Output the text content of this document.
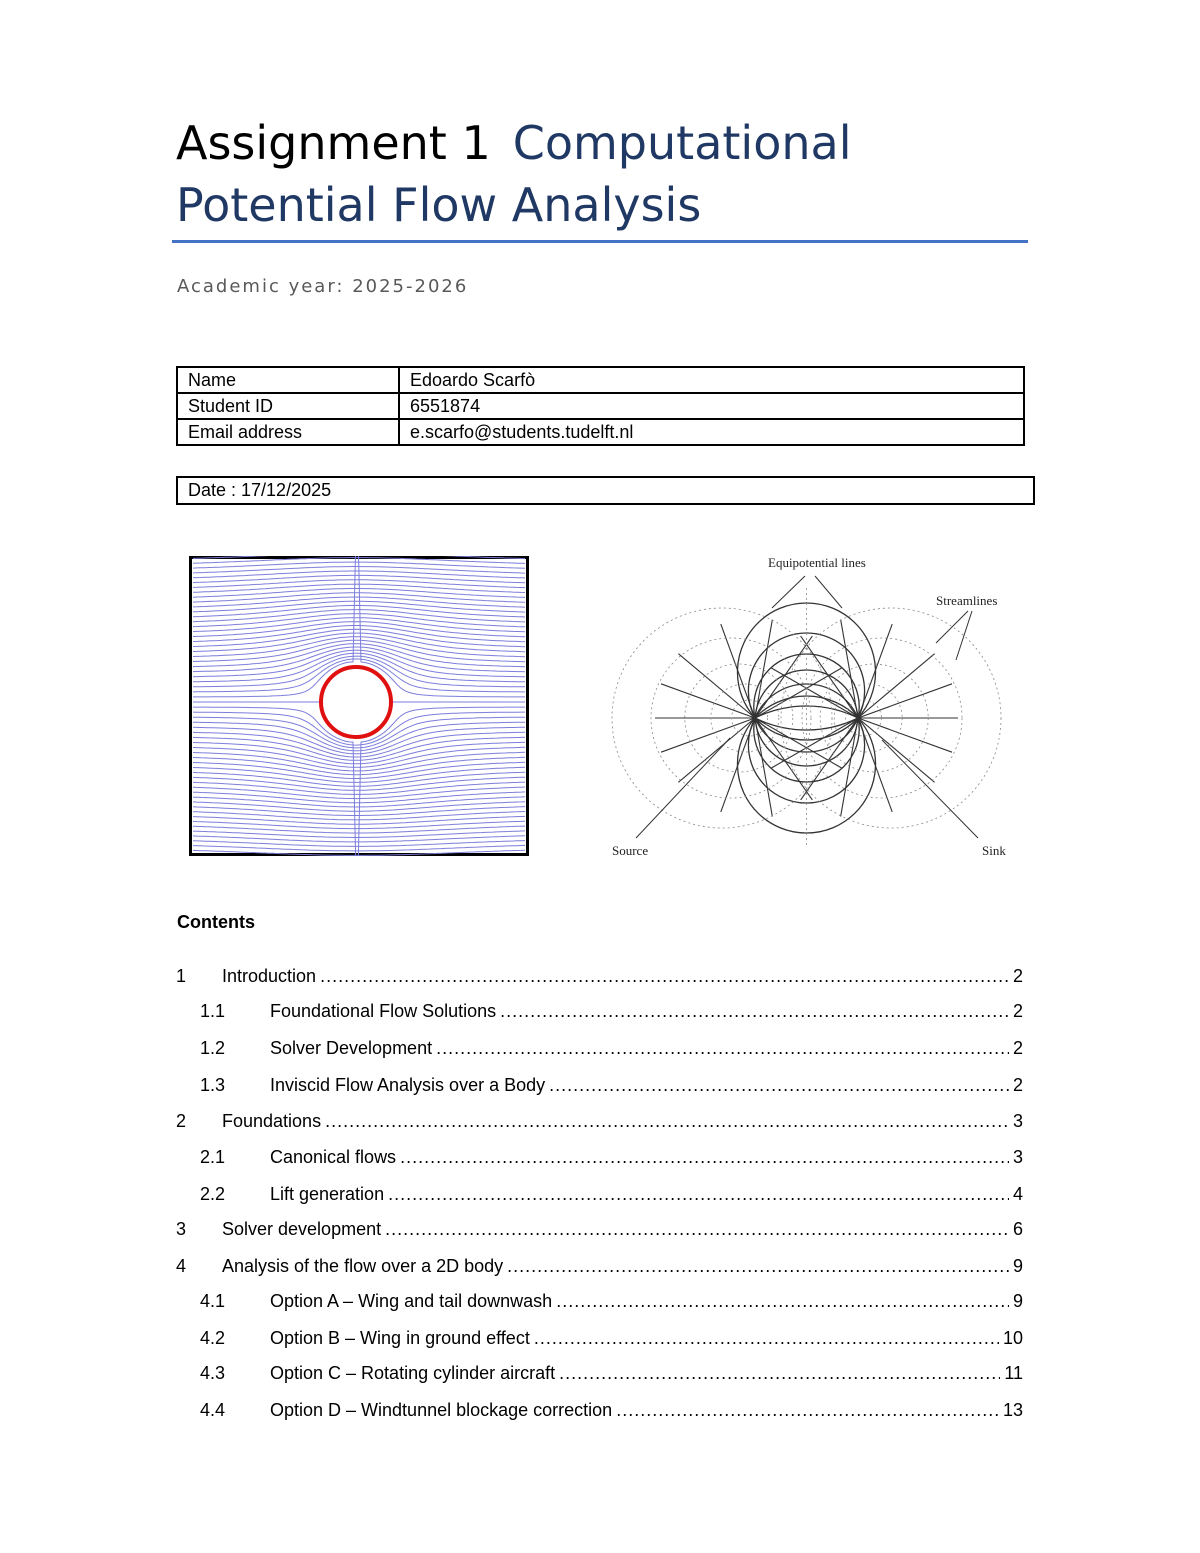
Assignment 1 Computational Potential Flow Analysis
Academic year: 2025-2026
Name	Edoardo Scarfò
Student ID	6551874
Email address	e.scarfo@students.tudelft.nl
Date : 17/12/2025
Equipotential lines
Streamlines
Source	Sink
Contents
1	Introduction .....	2
1.1	Foundational Flow Solutions .....	2
1.2	Solver Development .....	2
1.3	Inviscid Flow Analysis over a Body .....	2
2	Foundations .....	3
2.1	Canonical flows .....	3
2.2	Lift generation .....	4
3	Solver development .....	6
4	Analysis of the flow over a 2D body .....	9
4.1	Option A – Wing and tail downwash .....	9
4.2	Option B – Wing in ground effect .....	10
4.3	Option C – Rotating cylinder aircraft .....	11
4.4	Option D – Windtunnel blockage correction .....	13
